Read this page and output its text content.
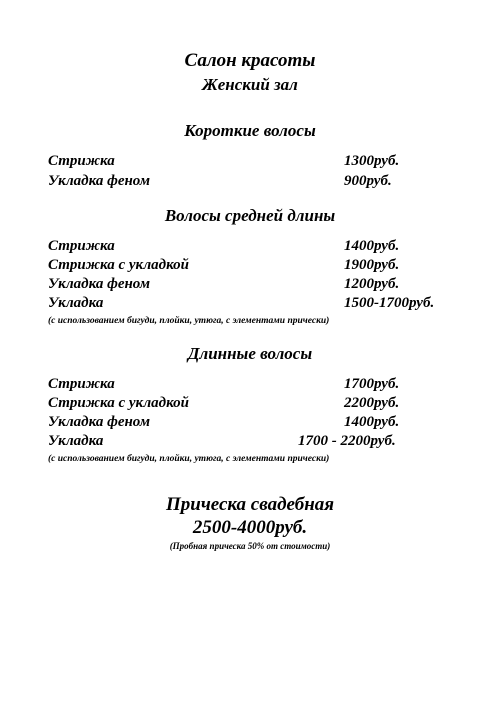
Салон красоты
Женский зал
Короткие волосы
Стрижка	1300руб.
Укладка феном	900руб.
Волосы средней длины
Стрижка	1400руб.
Стрижка с укладкой	1900руб.
Укладка феном	1200руб.
Укладка	1500-1700руб.
(с использованием бигуди, плойки, утюга, с элементами прически)
Длинные волосы
Стрижка	1700руб.
Стрижка с укладкой	2200руб.
Укладка феном	1400руб.
Укладка	1700 - 2200руб.
(с использованием бигуди, плойки, утюга, с элементами прически)
Прическа свадебная
2500-4000руб.
(Пробная прическа 50% от стоимости)
